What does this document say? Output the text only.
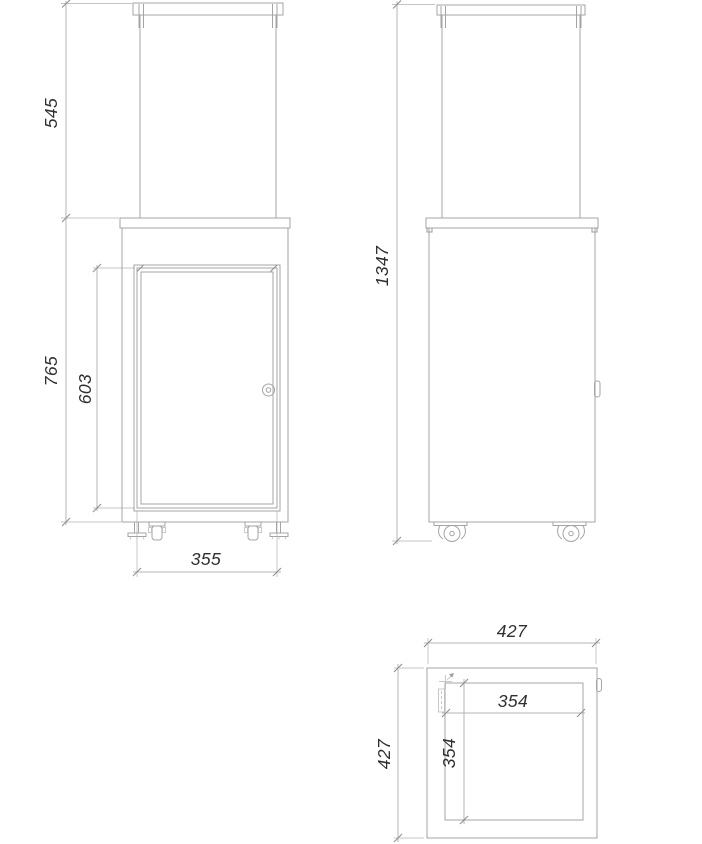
545
765
603
355
1347
427
427
354
354
